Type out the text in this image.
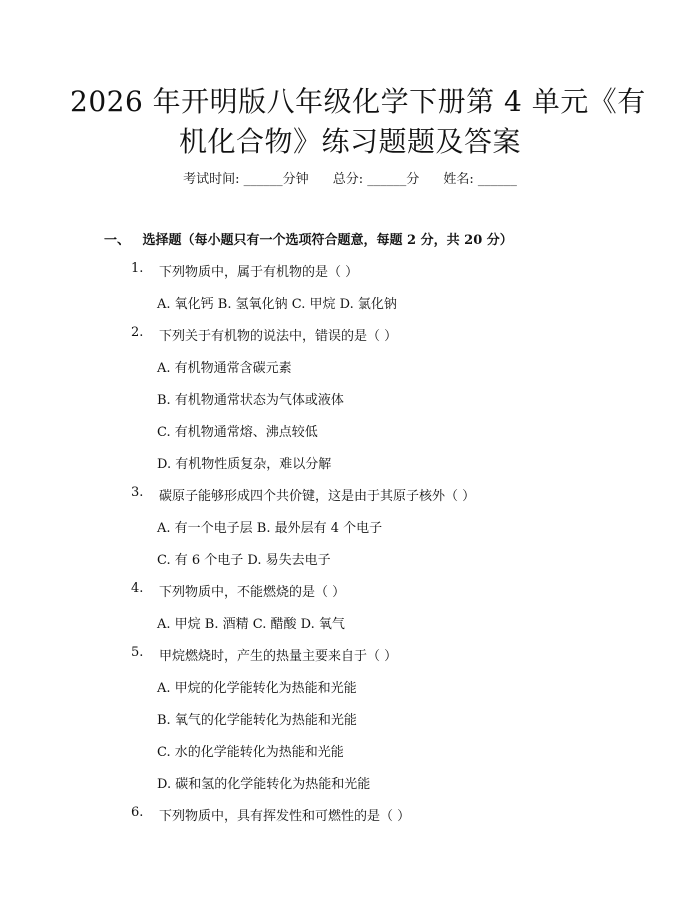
2026 年开明版八年级化学下册第 4 单元《有
机化合物》练习题题及答案
考试时间: ______分钟 总分: ______分 姓名: ______
一、 选择题（每小题只有一个选项符合题意，每题 2 分，共 20 分）
1. 下列物质中，属于有机物的是（ ）
A. 氧化钙 B. 氢氧化钠 C. 甲烷 D. 氯化钠
2. 下列关于有机物的说法中，错误的是（ ）
A. 有机物通常含碳元素
B. 有机物通常状态为气体或液体
C. 有机物通常熔、沸点较低
D. 有机物性质复杂，难以分解
3. 碳原子能够形成四个共价键，这是由于其原子核外（ ）
A. 有一个电子层 B. 最外层有 4 个电子
C. 有 6 个电子 D. 易失去电子
4. 下列物质中，不能燃烧的是（ ）
A. 甲烷 B. 酒精 C. 醋酸 D. 氧气
5. 甲烷燃烧时，产生的热量主要来自于（ ）
A. 甲烷的化学能转化为热能和光能
B. 氧气的化学能转化为热能和光能
C. 水的化学能转化为热能和光能
D. 碳和氢的化学能转化为热能和光能
6. 下列物质中，具有挥发性和可燃性的是（ ）
